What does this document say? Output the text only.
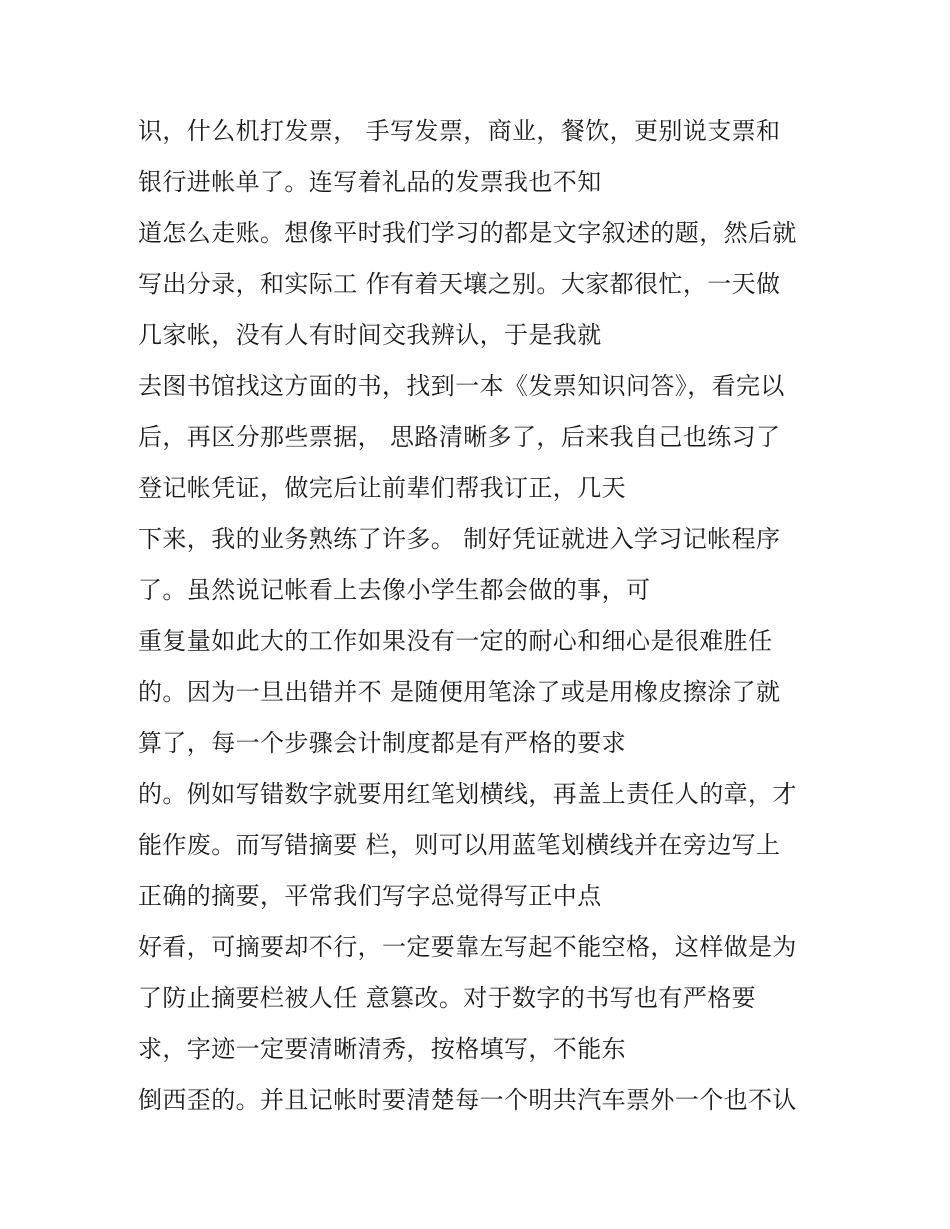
识，什么机打发票， 手写发票，商业，餐饮，更别说支票和
银行进帐单了。连写着礼品的发票我也不知
道怎么走账。想像平时我们学习的都是文字叙述的题，然后就
写出分录，和实际工 作有着天壤之别。大家都很忙，一天做
几家帐，没有人有时间交我辨认，于是我就
去图书馆找这方面的书，找到一本《发票知识问答》，看完以
后，再区分那些票据， 思路清晰多了，后来我自己也练习了
登记帐凭证，做完后让前辈们帮我订正，几天
下来，我的业务熟练了许多。 制好凭证就进入学习记帐程序
了。虽然说记帐看上去像小学生都会做的事，可
重复量如此大的工作如果没有一定的耐心和细心是很难胜任
的。因为一旦出错并不 是随便用笔涂了或是用橡皮擦涂了就
算了，每一个步骤会计制度都是有严格的要求
的。例如写错数字就要用红笔划横线，再盖上责任人的章，才
能作废。而写错摘要 栏，则可以用蓝笔划横线并在旁边写上
正确的摘要，平常我们写字总觉得写正中点
好看，可摘要却不行，一定要靠左写起不能空格，这样做是为
了防止摘要栏被人任 意篡改。对于数字的书写也有严格要
求，字迹一定要清晰清秀，按格填写，不能东
倒西歪的。并且记帐时要清楚每一个明共汽车票外一个也不认
